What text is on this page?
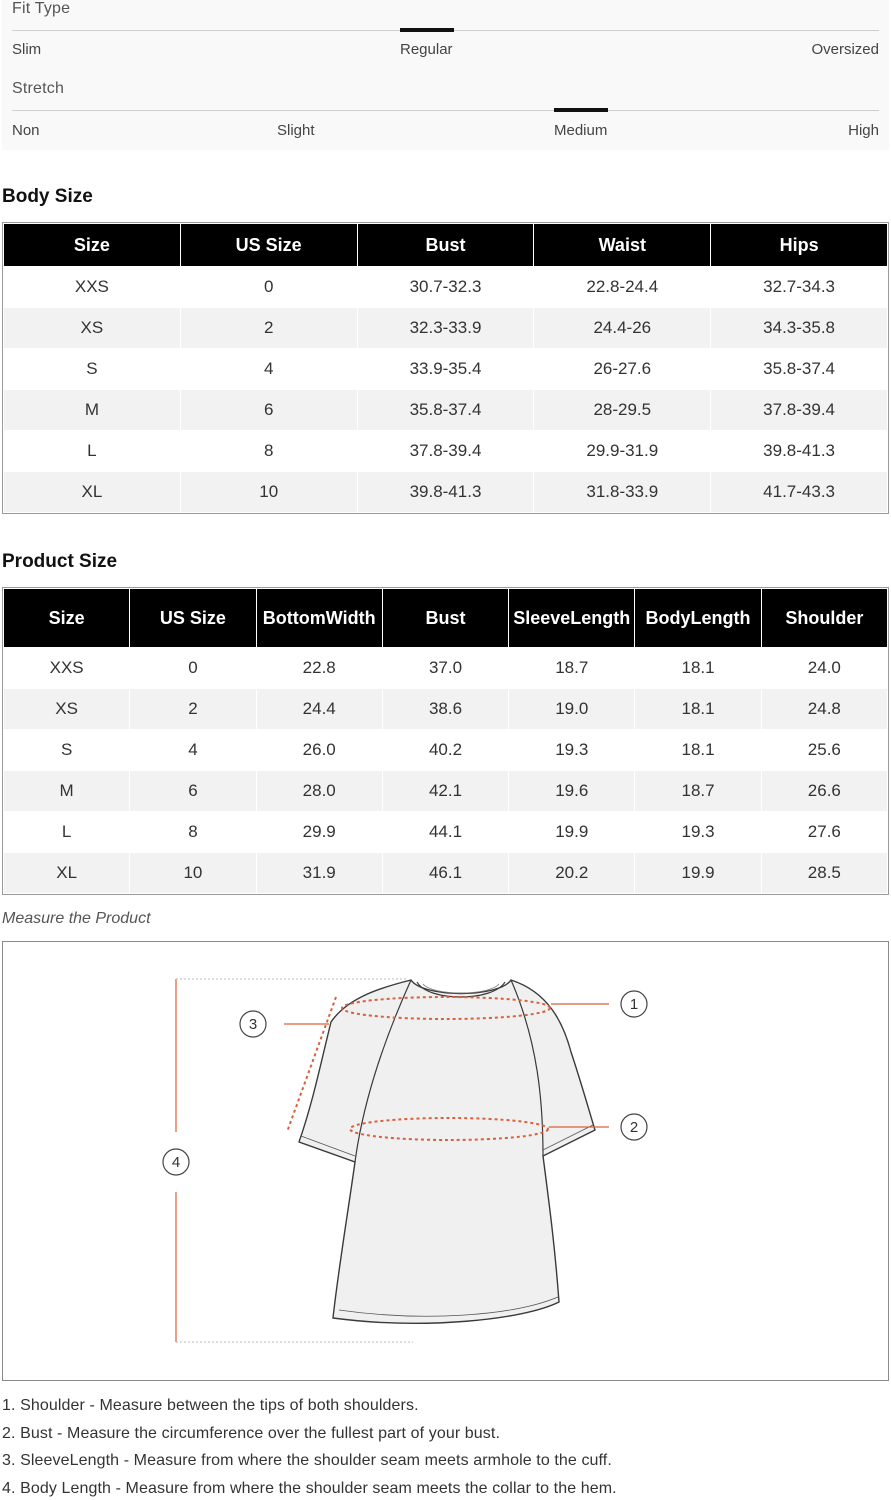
Fit Type
Slim	Regular	Oversized
Stretch
Non	Slight	Medium	High
Body Size
Size	US Size	Bust	Waist	Hips
XXS	0	30.7-32.3	22.8-24.4	32.7-34.3
XS	2	32.3-33.9	24.4-26	34.3-35.8
S	4	33.9-35.4	26-27.6	35.8-37.4
M	6	35.8-37.4	28-29.5	37.8-39.4
L	8	37.8-39.4	29.9-31.9	39.8-41.3
XL	10	39.8-41.3	31.8-33.9	41.7-43.3
Product Size
Size	US Size	BottomWidth	Bust	SleeveLength	BodyLength	Shoulder
XXS	0	22.8	37.0	18.7	18.1	24.0
XS	2	24.4	38.6	19.0	18.1	24.8
S	4	26.0	40.2	19.3	18.1	25.6
M	6	28.0	42.1	19.6	18.7	26.6
L	8	29.9	44.1	19.9	19.3	27.6
XL	10	31.9	46.1	20.2	19.9	28.5
Measure the Product
1
2
3
4
1. Shoulder - Measure between the tips of both shoulders.
2. Bust - Measure the circumference over the fullest part of your bust.
3. SleeveLength - Measure from where the shoulder seam meets armhole to the cuff.
4. Body Length - Measure from where the shoulder seam meets the collar to the hem.
